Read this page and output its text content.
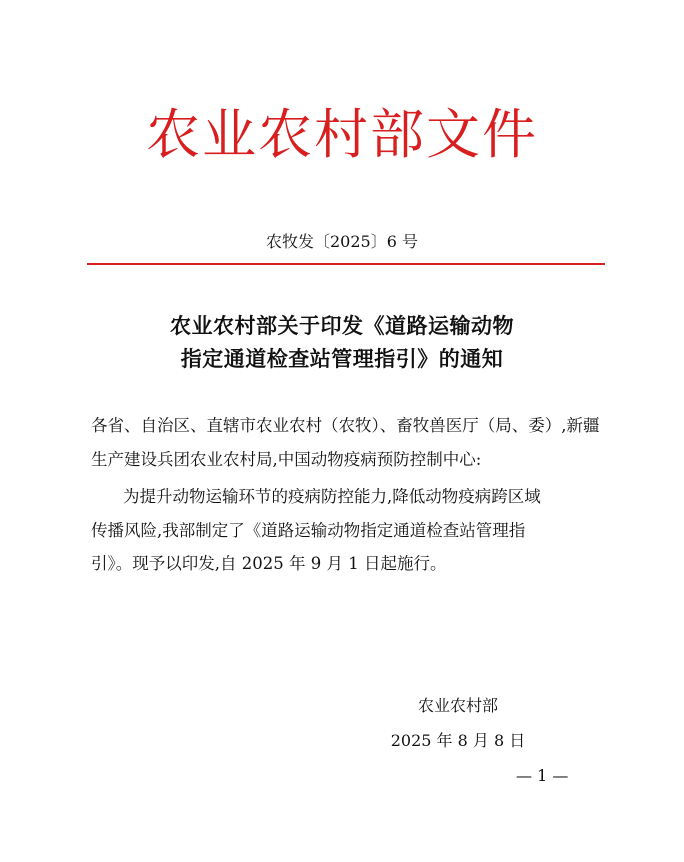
农业农村部文件
农牧发〔2025〕6 号
农业农村部关于印发《道路运输动物
指定通道检查站管理指引》的通知
各省、自治区、直辖市农业农村（农牧）、畜牧兽医厅（局、委）,新疆
生产建设兵团农业农村局,中国动物疫病预防控制中心:
为提升动物运输环节的疫病防控能力,降低动物疫病跨区域
传播风险,我部制定了《道路运输动物指定通道检查站管理指
引》。现予以印发,自 2025 年 9 月 1 日起施行。
农业农村部
2025 年 8 月 8 日
— 1 —
